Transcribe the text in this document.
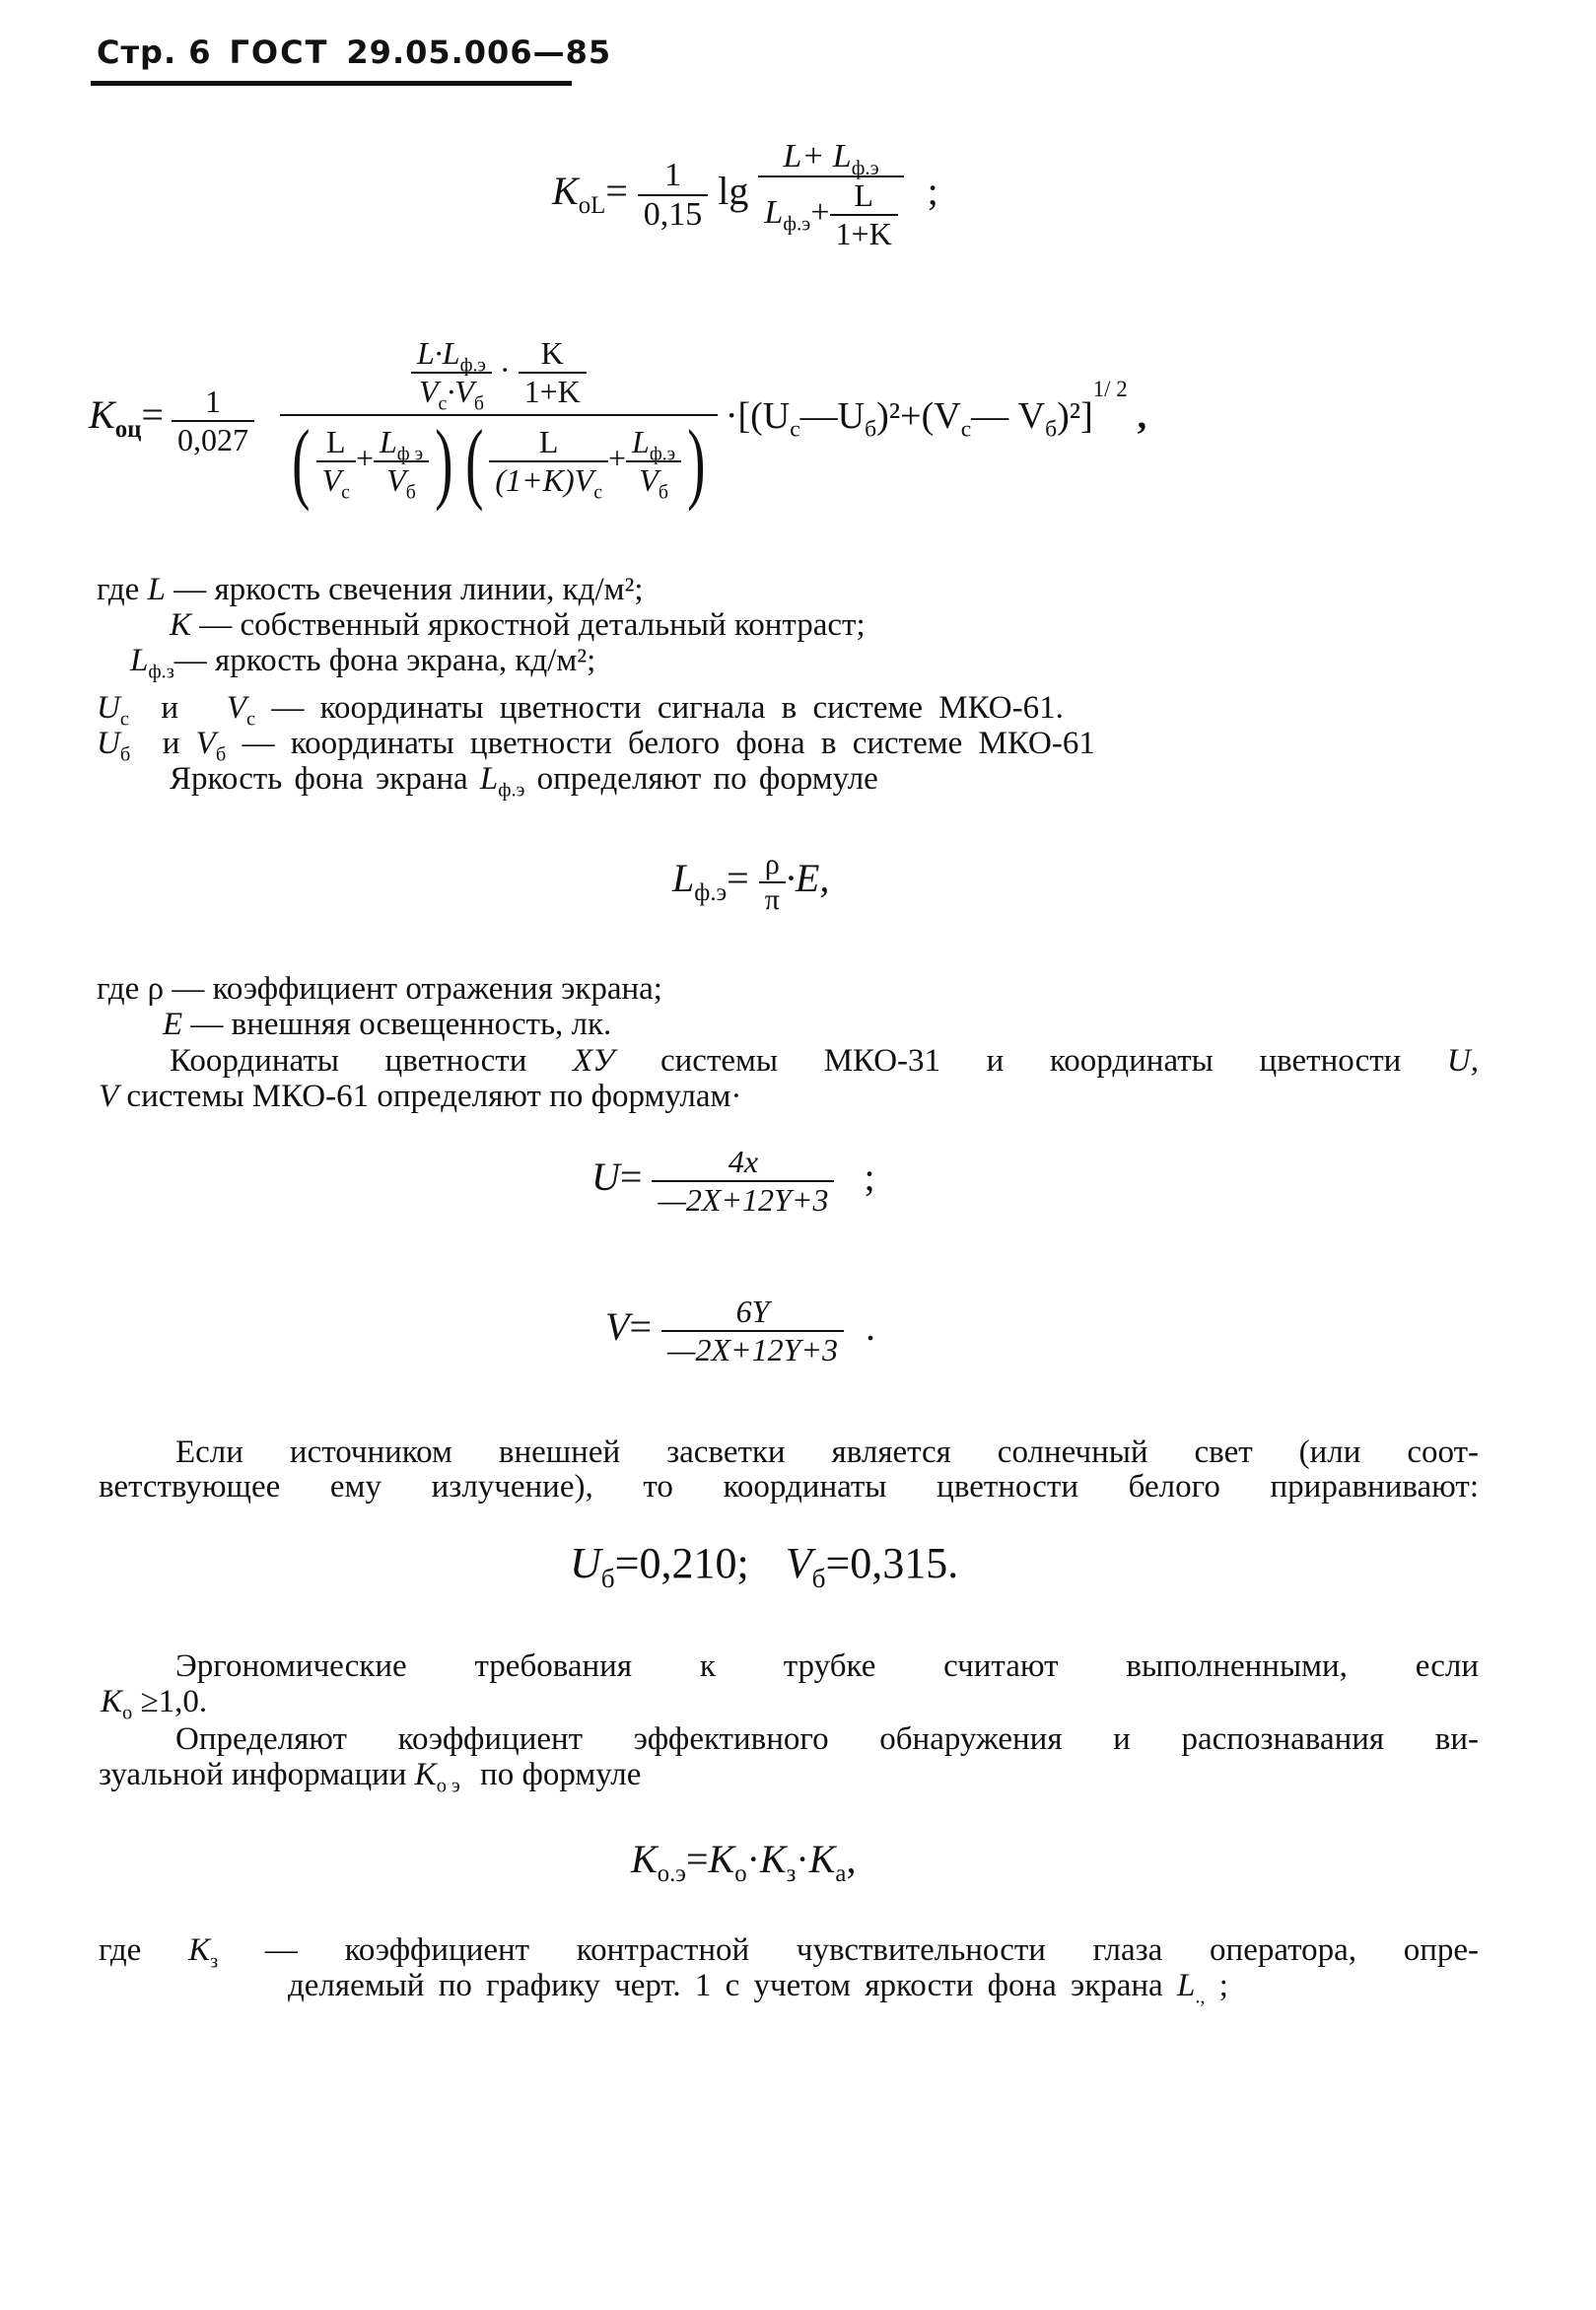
Стр. 6 ГОСТ 29.05.006—85
$K_{oL}= \frac{1}{0,15}$ $\lg \frac{L+ L_{ф.э}}{L_{ф.э}+ \frac{L}{1+K}}$ ;
$K_{оц}= \frac{1}{0,027}$
$\frac{\frac{L\cdot L_{ф.э}}{V_с\cdot V_б} \cdot \frac{K}{1+K}}{( \frac{L}{V_с} + \frac{L_{ф э}}{V_б} ) ( \frac{L}{(1+K)V_с} + \frac{L_{ф.э}}{V_б} )}$ $\cdot[(U_с—U_б)^2+(V_с—$ $V_б)^2]^{1/ 2}$,
где L — яркость свечения линии, кд/м²;
K — собственный яркостной детальный контраст;
$L_{ф.з}—$ яркость фона экрана, кд/м²;
$U_с$ и $V_с$ — координаты цветности сигнала в системе МКО-61.
$U_б$ и $V_б$ — координаты цветности белого фона в системе МКО-61
Яркость фона экрана $L_{ф.э}$ определяют по формуле
$L_{ф.э}= \frac{\rho}{\pi} \cdot E$,
где ρ — коэффициент отражения экрана;
E — внешняя освещенность, лк.
Координаты цветности XУ системы МКО-31 и координаты цветности U,
V системы МКО-61 определяют по формулам·
$U= \frac{4x}{—2X+12Y+3}$ ;
$V= \frac{6Y}{—2X+12Y+3}$ .
Если источником внешней засветки является солнечный свет (или соот-
ветствующее ему излучение), то координаты цветности белого приравнивают:
$U_б=0,210$; $V_б=0,315$.
Эргономические требования к трубке считают выполненными, если
$K_о \ge 1,0$.
Определяют коэффициент эффективного обнаружения и распознавания ви-
зуальной информации $K_{о э}$ по формуле
$K_{о.э}=K_о\cdot K_з\cdot K_а$,
где $K_з$ — коэффициент контрастной чувствительности глаза оператора, опре-
деляемый по графику черт. 1 с учетом яркости фона экрана $L_{.,}$ ;
